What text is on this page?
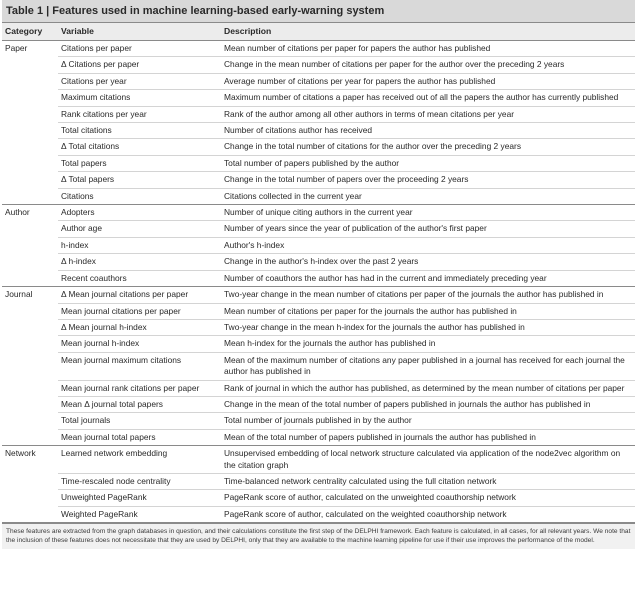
Table 1 | Features used in machine learning-based early-warning system
Category	Variable	Description
Paper	Citations per paper	Mean number of citations per paper for papers the author has published
	Δ Citations per paper	Change in the mean number of citations per paper for the author over the preceding 2 years
	Citations per year	Average number of citations per year for papers the author has published
	Maximum citations	Maximum number of citations a paper has received out of all the papers the author has currently published
	Rank citations per year	Rank of the author among all other authors in terms of mean citations per year
	Total citations	Number of citations author has received
	Δ Total citations	Change in the total number of citations for the author over the preceding 2 years
	Total papers	Total number of papers published by the author
	Δ Total papers	Change in the total number of papers over the proceeding 2 years
	Citations	Citations collected in the current year
Author	Adopters	Number of unique citing authors in the current year
	Author age	Number of years since the year of publication of the author's first paper
	h-index	Author's h-index
	Δ h-index	Change in the author's h-index over the past 2 years
	Recent coauthors	Number of coauthors the author has had in the current and immediately preceding year
Journal	Δ Mean journal citations per paper	Two-year change in the mean number of citations per paper of the journals the author has published in
	Mean journal citations per paper	Mean number of citations per paper for the journals the author has published in
	Δ Mean journal h-index	Two-year change in the mean h-index for the journals the author has published in
	Mean journal h-index	Mean h-index for the journals the author has published in
	Mean journal maximum citations	Mean of the maximum number of citations any paper published in a journal has received for each journal the author has published in
	Mean journal rank citations per paper	Rank of journal in which the author has published, as determined by the mean number of citations per paper
	Mean Δ journal total papers	Change in the mean of the total number of papers published in journals the author has published in
	Total journals	Total number of journals published in by the author
	Mean journal total papers	Mean of the total number of papers published in journals the author has published in
Network	Learned network embedding	Unsupervised embedding of local network structure calculated via application of the node2vec algorithm on the citation graph
	Time-rescaled node centrality	Time-balanced network centrality calculated using the full citation network
	Unweighted PageRank	PageRank score of author, calculated on the unweighted coauthorship network
	Weighted PageRank	PageRank score of author, calculated on the weighted coauthorship network
These features are extracted from the graph databases in question, and their calculations constitute the first step of the DELPHI framework. Each feature is calculated, in all cases, for all relevant years. We note that the inclusion of these features does not necessitate that they are used by DELPHI, only that they are available to the machine learning pipeline for use if their use improves the performance of the model.
